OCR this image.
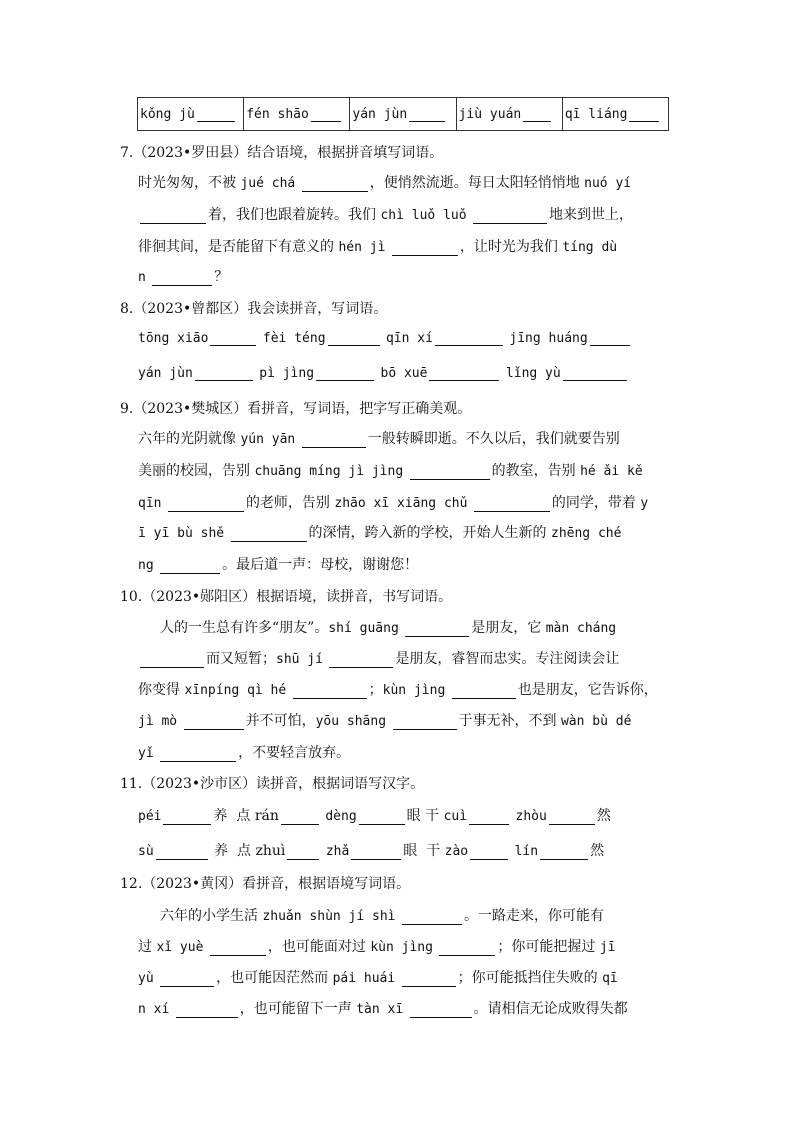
kǒng jù	fén shāo	yán jùn	jiù yuán	qī liáng
7.（2023•罗田县）结合语境，根据拼音填写词语。
时光匆匆，不被 jué chá	，便悄然流逝。每日太阳轻悄悄地 nuó yí
着，我们也跟着旋转。我们 chì luǒ luǒ	地来到世上，
徘徊其间，是否能留下有意义的 hén jì	，让时光为我们 tíng dù
n	？
8.（2023•曾都区）我会读拼音，写词语。
tōng xiāo	fèi téng	qīn xí	jīng huáng
yán jùn	pì jìng	bō xuē	lǐng yù
9.（2023•樊城区）看拼音，写词语，把字写正确美观。
六年的光阴就像 yún yān	一般转瞬即逝。不久以后，我们就要告别
美丽的校园，告别 chuāng míng jì jìng	的教室，告别 hé ǎi kě
qīn	的老师，告别 zhāo xī xiāng chǔ	的同学，带着 y
ī yī bù shě	的深情，跨入新的学校，开始人生新的 zhēng ché
ng	。最后道一声：母校，谢谢您！
10.（2023•郧阳区）根据语境，读拼音，书写词语。
人的一生总有许多“朋友”。shí guāng	是朋友，它 màn cháng
而又短暂；shū jí	是朋友，睿智而忠实。专注阅读会让
你变得 xīnpíng qì hé	；kùn jìng	也是朋友，它告诉你，
jì mò	并不可怕，yōu shāng	于事无补，不到 wàn bù dé
yǐ	，不要轻言放弃。
11.（2023•沙市区）读拼音，根据词语写汉字。
péi	养 点 rán	dèng	眼 干 cuì	zhòu	然
sù	养 点 zhuì	zhǎ	眼 干 zào	lín	然
12.（2023•黄冈）看拼音，根据语境写词语。
六年的小学生活 zhuǎn shùn jí shì	。一路走来，你可能有
过 xǐ yuè	，也可能面对过 kùn jìng	；你可能把握过 jī
yù	，也可能因茫然而 pái huái	；你可能抵挡住失败的 qī
n xí	，也可能留下一声 tàn xī	。请相信无论成败得失都
